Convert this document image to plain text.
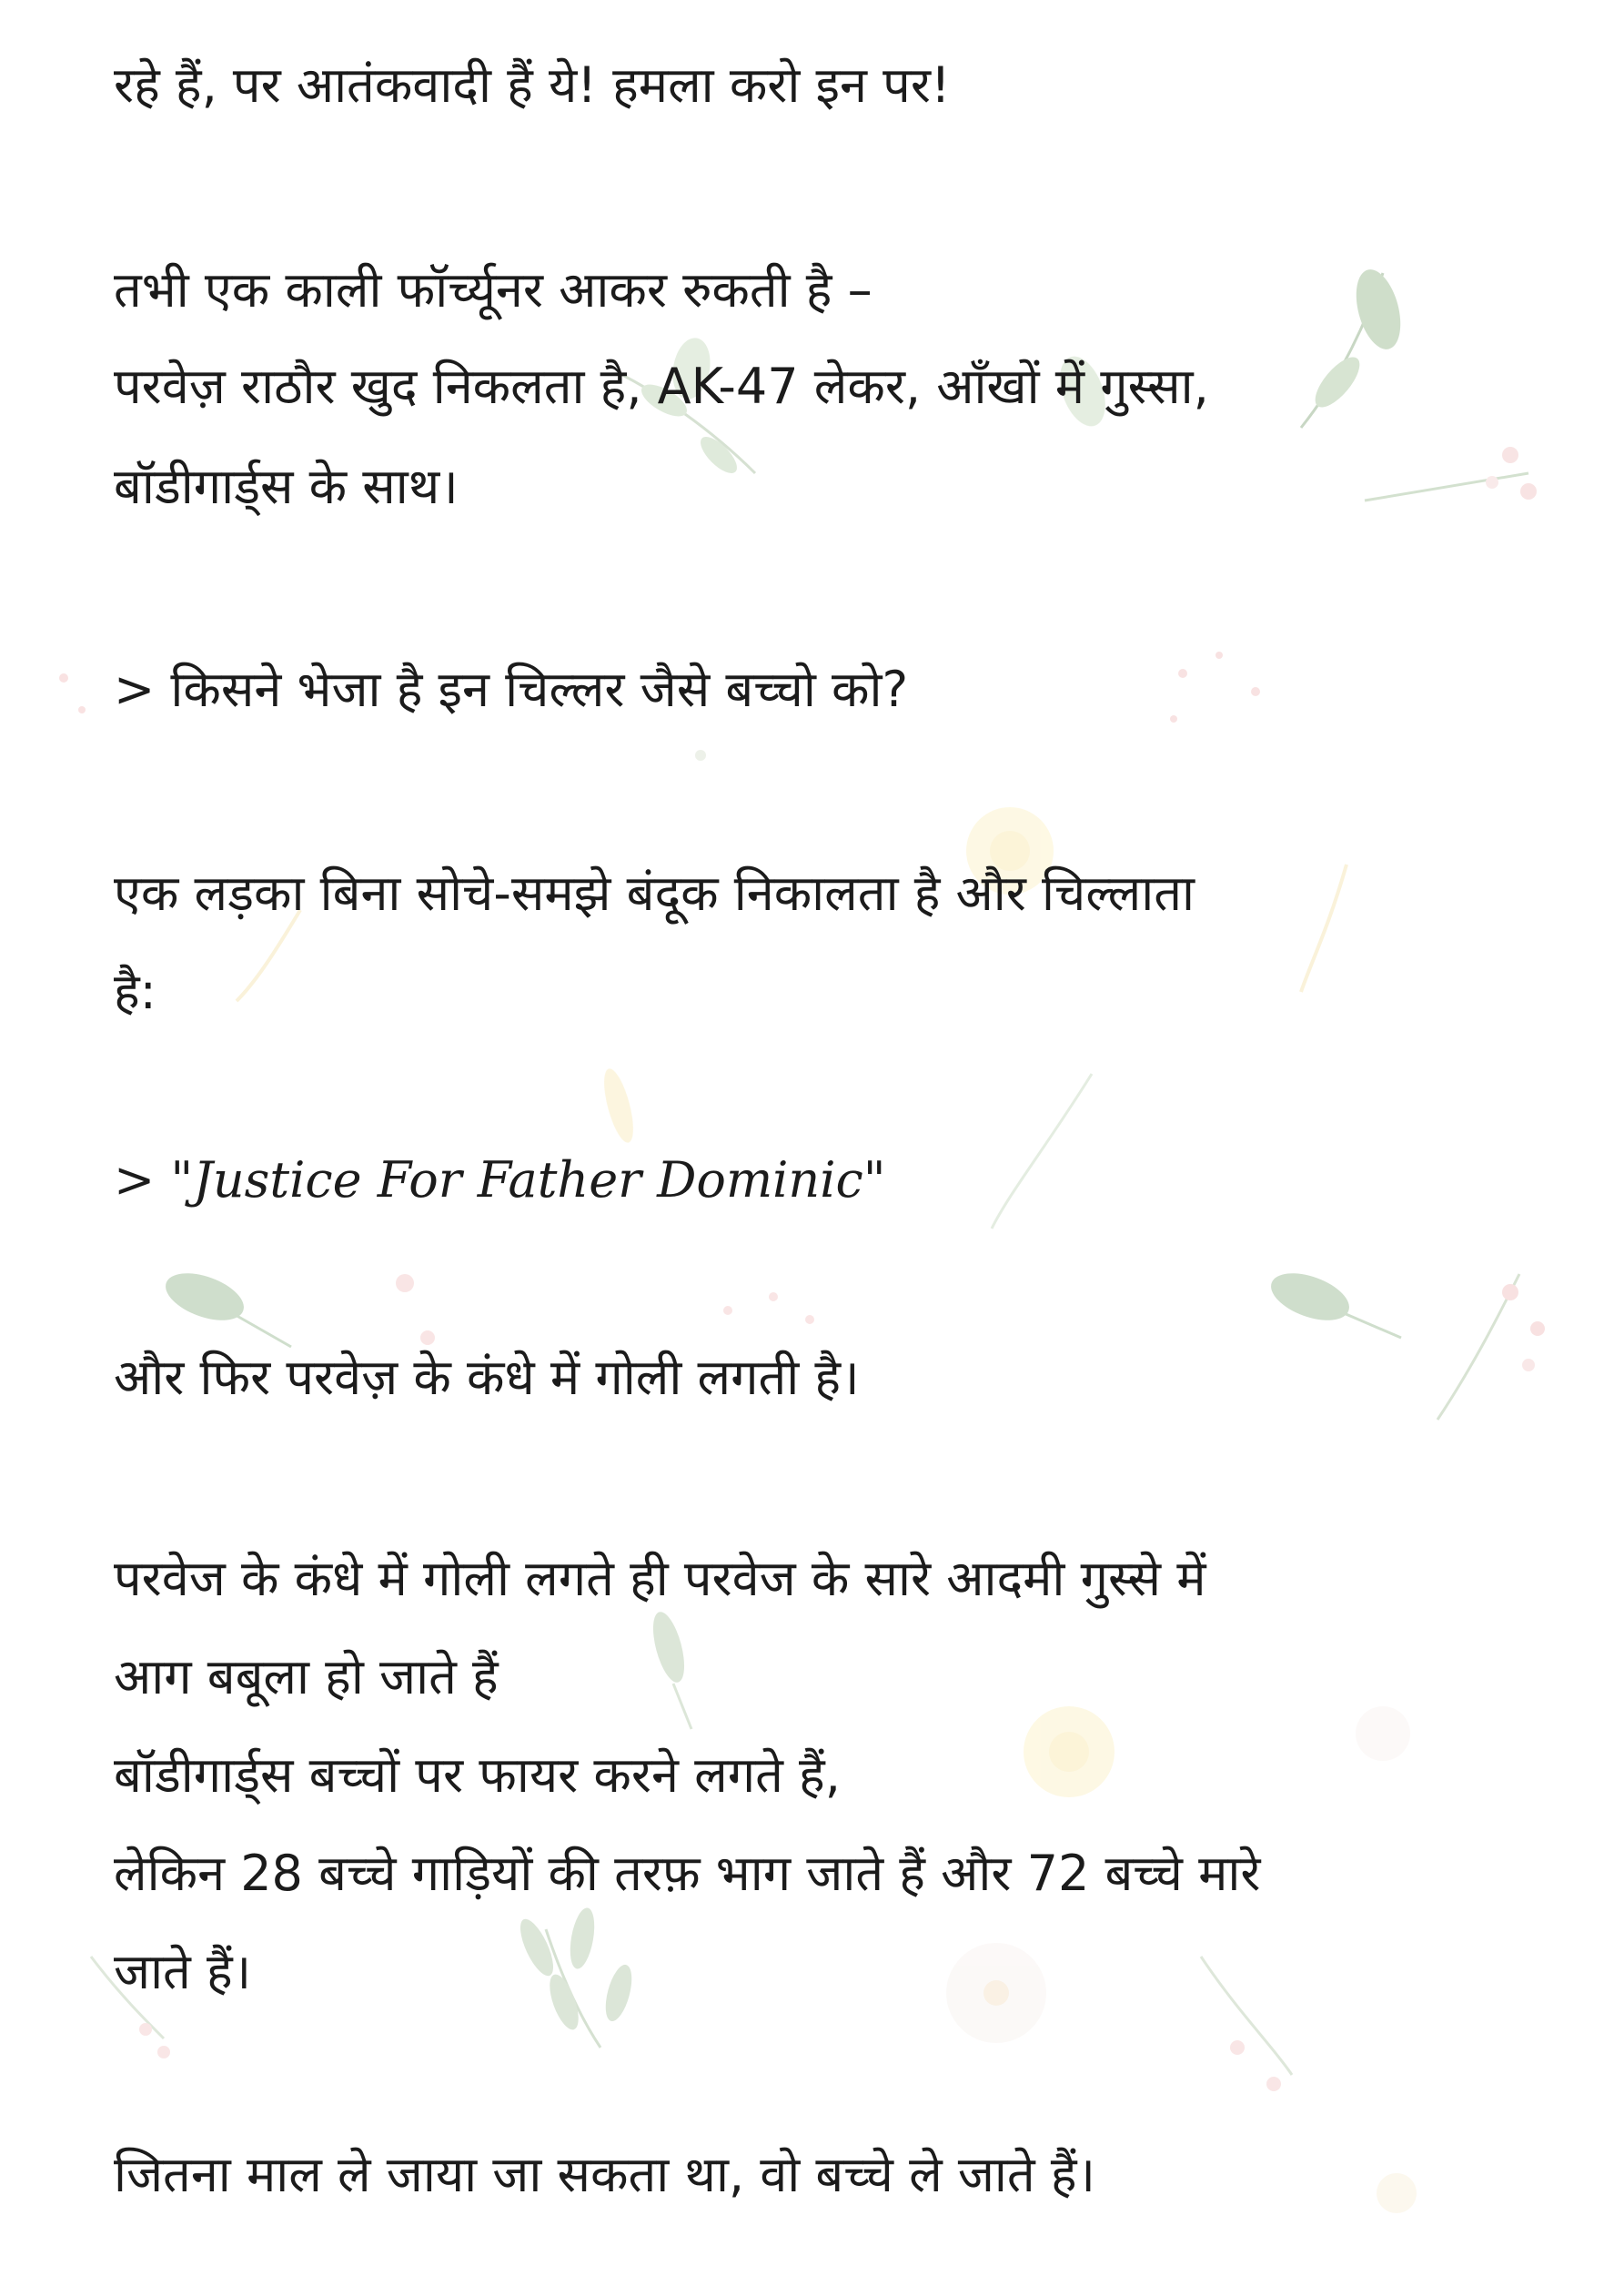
रहे हैं, पर आतंकवादी हैं ये! हमला करो इन पर!
तभी एक काली फॉर्च्यूनर आकर रुकती है –
परवेज़ राठौर खुद निकलता है, AK-47 लेकर, आँखों में गुस्सा,
बॉडीगार्ड्स के साथ।
> किसने भेजा है इन चिल्लर जैसे बच्चो को?
एक लड़का बिना सोचे-समझे बंदूक निकालता है और चिल्लाता
है:
> "Justice For Father Dominic"
और फिर परवेज़ के कंधे में गोली लगती है।
परवेज के कंधे में गोली लगते ही परवेज के सारे आदमी गुस्से में
आग बबूला हो जाते हैं
बॉडीगार्ड्स बच्चों पर फायर करने लगते हैं,
लेकिन 28 बच्चे गाड़ियों की तरफ़ भाग जाते हैं और 72 बच्चे मारे
जाते हैं।
जितना माल ले जाया जा सकता था, वो बच्चे ले जाते हैं।
